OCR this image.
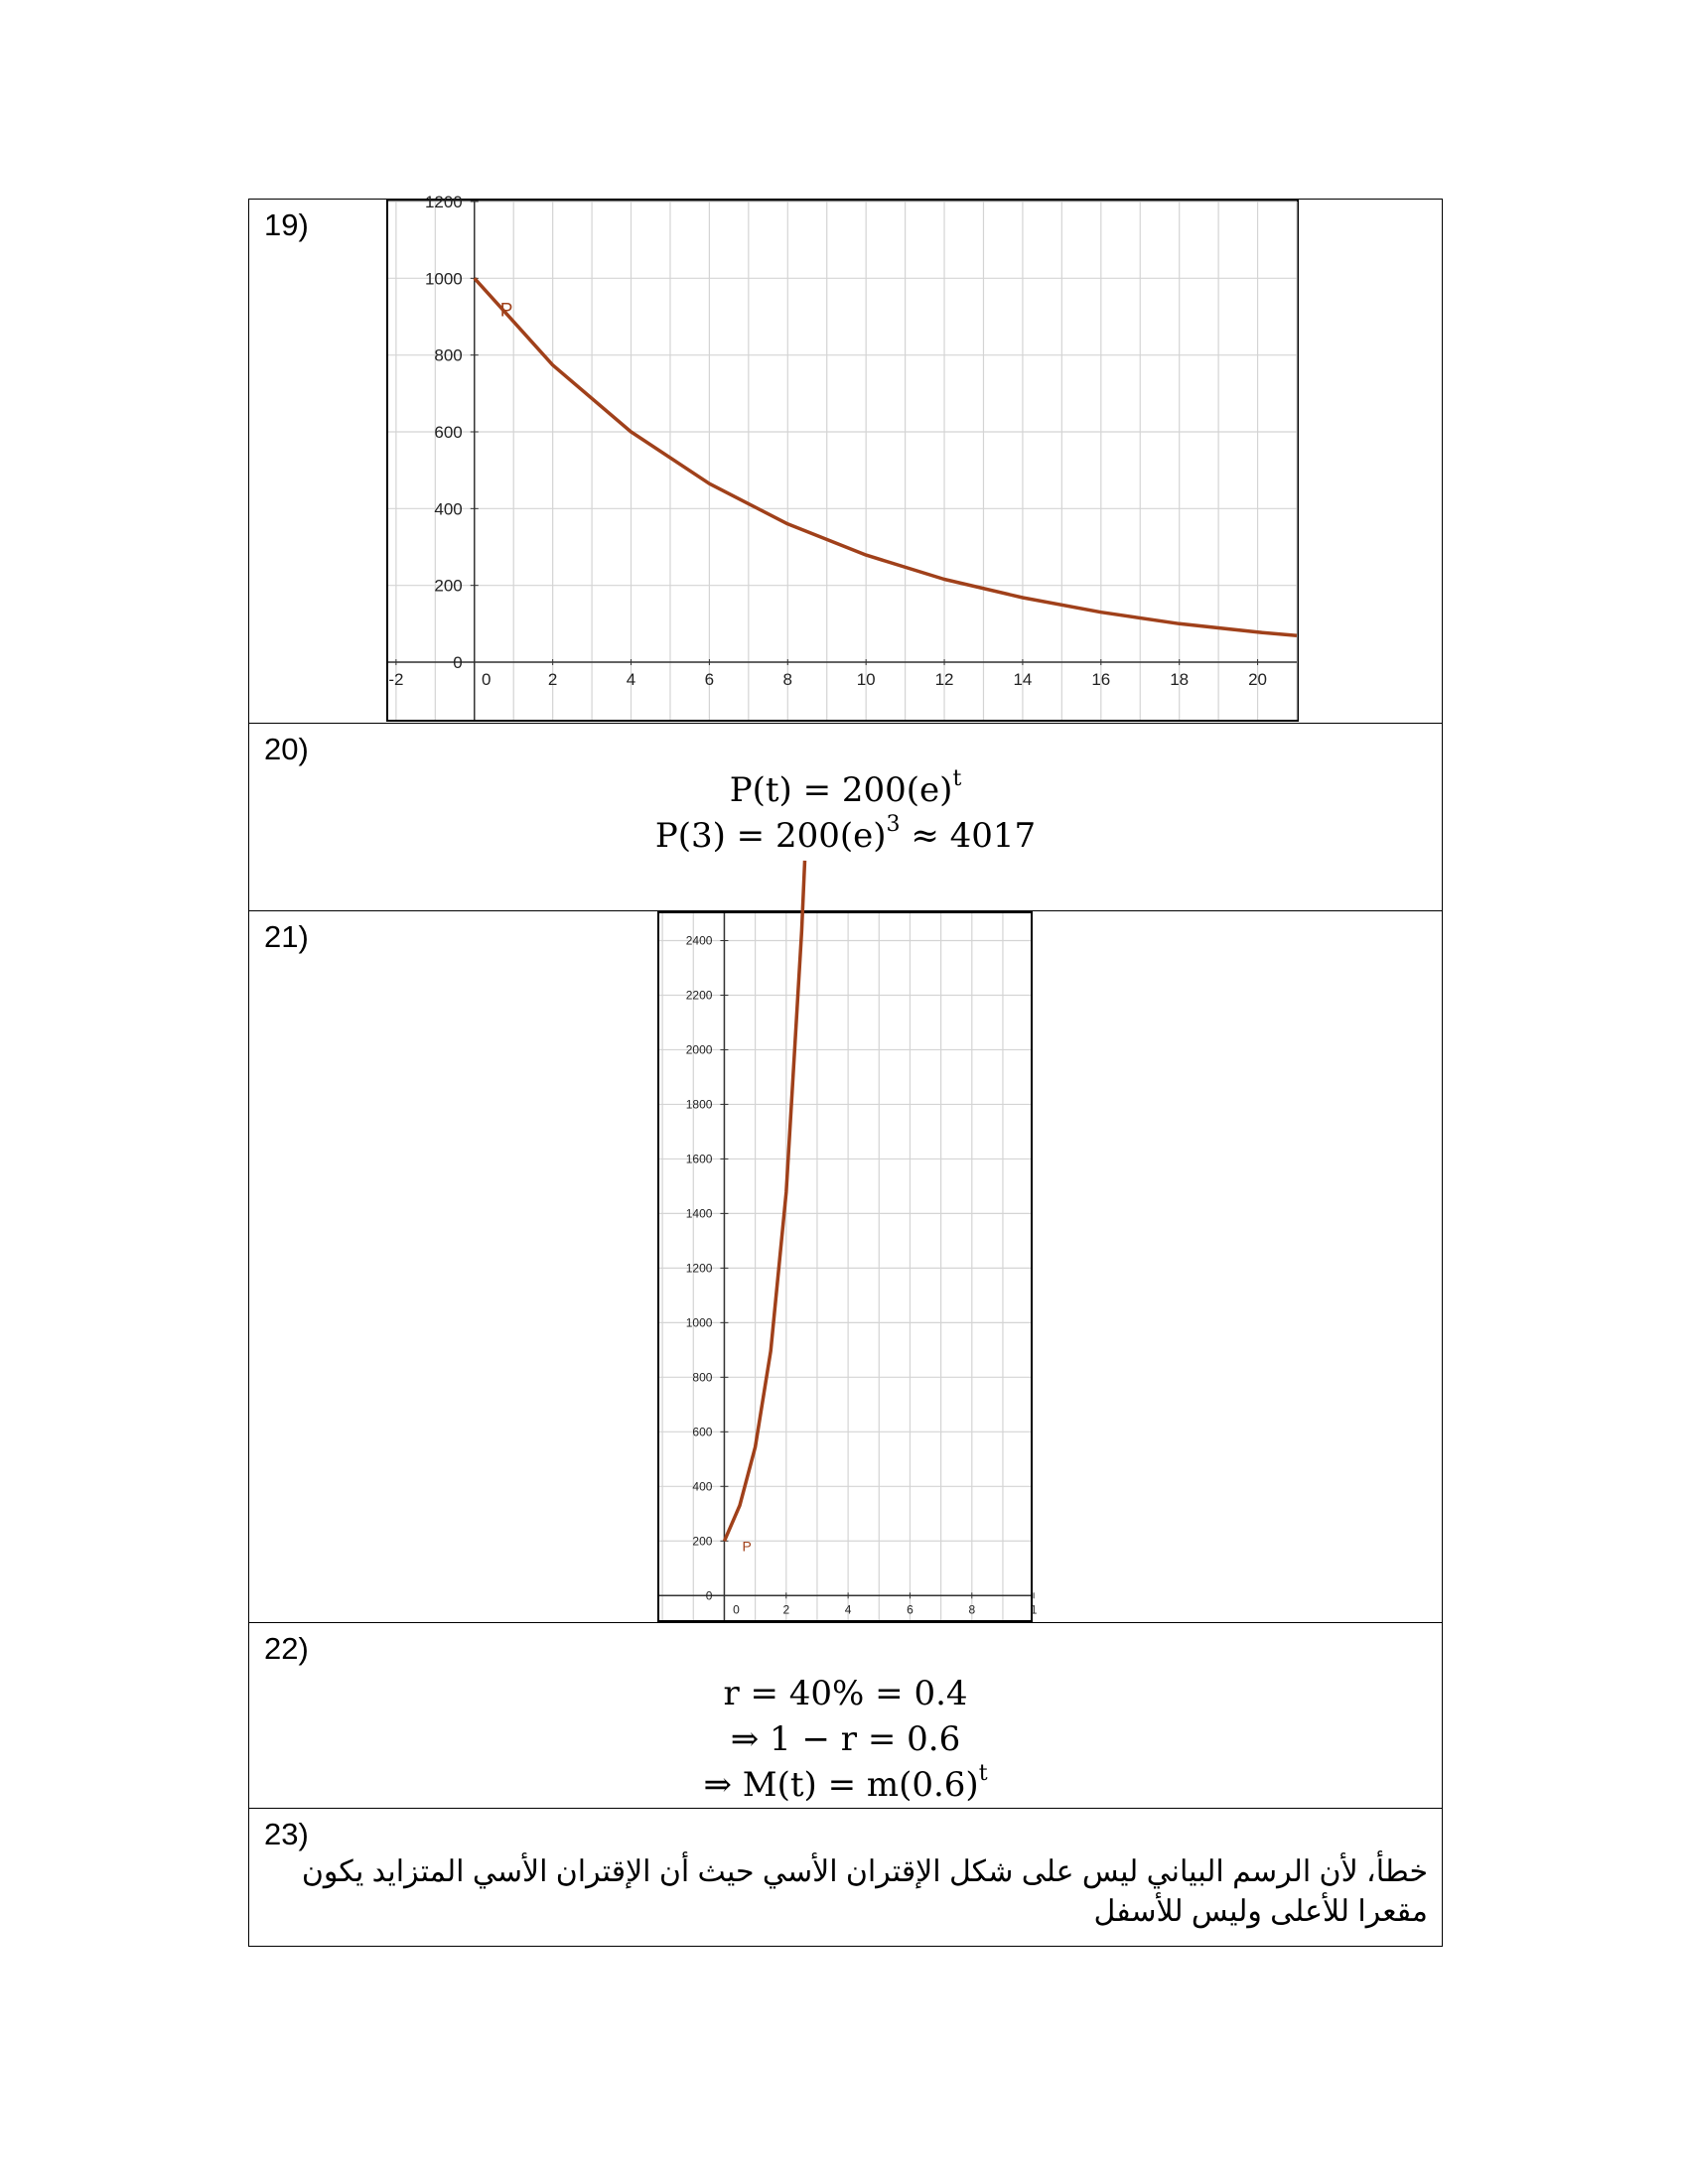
19)
-2	0	2	4	6	8	10	12	14	16	18	20
0
200
400
600
800
1000
1200
P

20)
$P(t) = 200(e)^t$
$P(3) = 200(e)^3 \approx 4017$

21)
0	2	4	6	8	1
0
200
400
600
800
1000
1200
1400
1600
1800
2000
2200
2400
P

22)
r = 40% = 0.4
⇒ 1 − r = 0.6
⇒ $M(t) = m(0.6)^t$

23)
خطأ، لأن الرسم البياني ليس على شكل الإقتران الأسي حيث أن الإقتران الأسي المتزايد يكون مقعرا للأعلى وليس للأسفل
